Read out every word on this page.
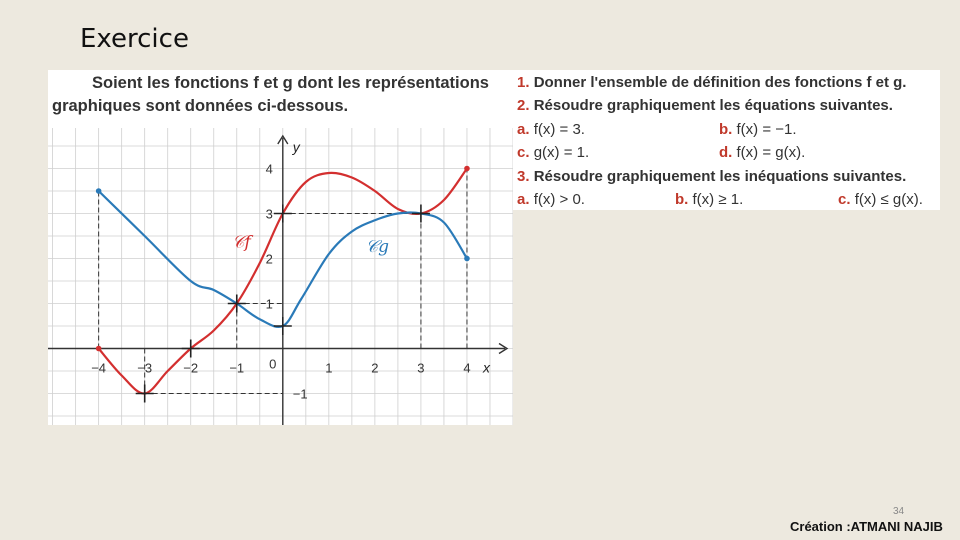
Exercice
Soient les fonctions f et g dont les représentations
graphiques sont données ci-dessous.
𝒞f	𝒞g
−4 −3 −2 −1	1	2	3	4
0
4
3
2
1
−1
x
y
1. Donner l'ensemble de définition des fonctions f et g.
2. Résoudre graphiquement les équations suivantes.
a. f(x) = 3.	b. f(x) = −1.
c. g(x) = 1.	d. f(x) = g(x).
3. Résoudre graphiquement les inéquations suivantes.
a. f(x) > 0.	b. f(x) ≥ 1.	c. f(x) ≤ g(x).
34
Création :ATMANI NAJIB
